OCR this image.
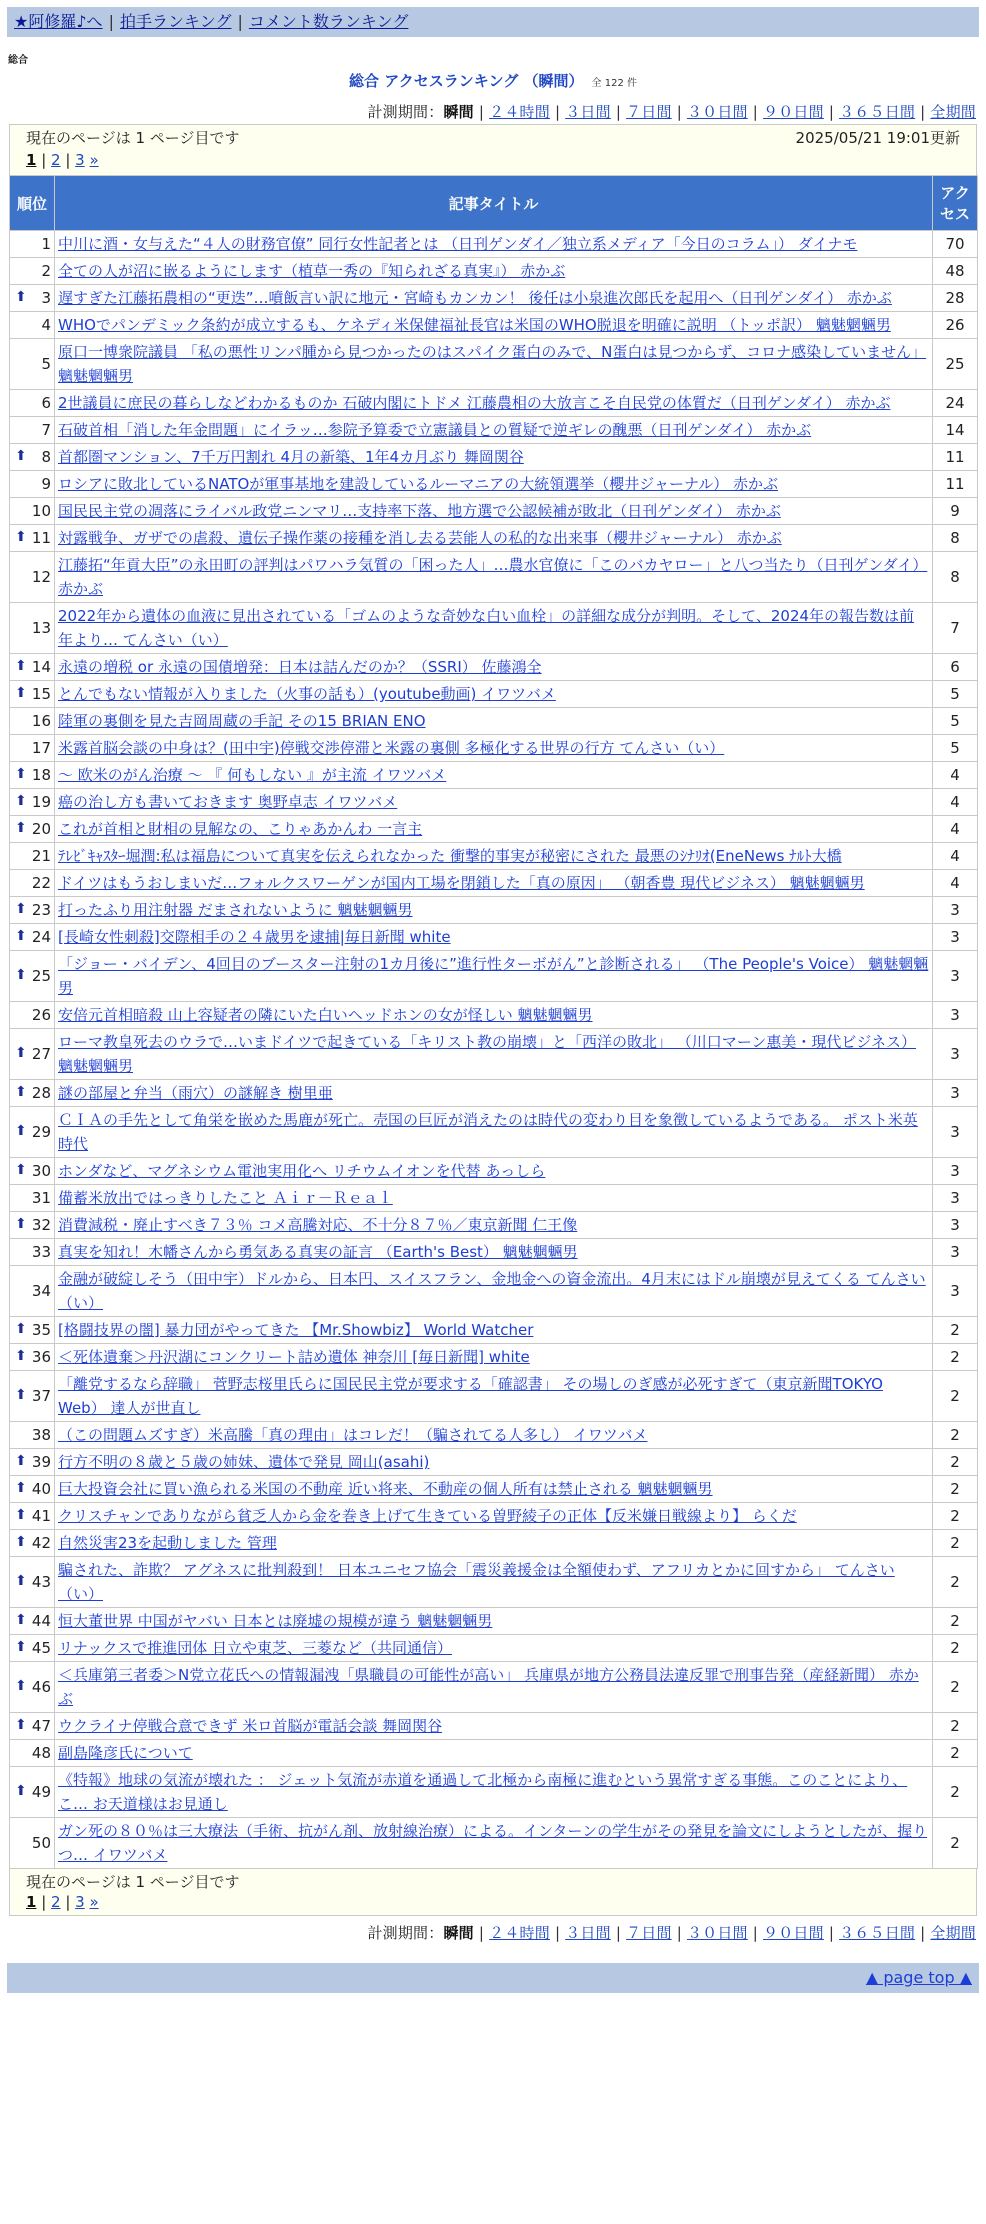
★阿修羅♪へ | 拍手ランキング | コメント数ランキング
総合
総合 アクセスランキング （瞬間） 全 122 件
計測期間：瞬間 | ２４時間 | ３日間 | ７日間 | ３０日間 | ９０日間 | ３６５日間 | 全期間
現在のページは 1 ページ目です	2025/05/21 19:01更新
1 | 2 | 3 »
順位	記事タイトル	アクセス
1	中川に酒・女与えた“４人の財務官僚” 同行女性記者とは （日刊ゲンダイ／独立系メディア「今日のコラム」） ダイナモ	70
2	全ての人が沼に嵌るようにします（植草一秀の『知られざる真実』） 赤かぶ	48

⬆ 3	遅すぎた江藤拓農相の“更迭”…噴飯言い訳に地元・宮崎もカンカン！ 後任は小泉進次郎氏を起用へ（日刊ゲンダイ） 赤かぶ	28
4	WHOでパンデミック条約が成立するも、ケネディ米保健福祉長官は米国のWHO脱退を明確に説明 （トッポ訳） 魑魅魍魎男	26
5	原口一博衆院議員 「私の悪性リンパ腫から見つかったのはスパイク蛋白のみで、N蛋白は見つからず、コロナ感染していません」 魑魅魍魎男	25
6	2世議員に庶民の暮らしなどわかるものか 石破内閣にトドメ 江藤農相の大放言こそ自民党の体質だ（日刊ゲンダイ） 赤かぶ	24
7	石破首相「消した年金問題」にイラッ…参院予算委で立憲議員との質疑で逆ギレの醜悪（日刊ゲンダイ） 赤かぶ	14

⬆ 8	首都圏マンション、7千万円割れ 4月の新築、1年4カ月ぶり 舞岡関谷	11
9	ロシアに敗北しているNATOが軍事基地を建設しているルーマニアの大統領選挙（櫻井ジャーナル） 赤かぶ	11
10	国民民主党の凋落にライバル政党ニンマリ…支持率下落、地方選で公認候補が敗北（日刊ゲンダイ） 赤かぶ	9

⬆ 11	対露戦争、ガザでの虐殺、遺伝子操作薬の接種を消し去る芸能人の私的な出来事（櫻井ジャーナル） 赤かぶ	8
12	江藤拓“年貢大臣”の永田町の評判はパワハラ気質の「困った人」…農水官僚に「このバカヤロー」と八つ当たり（日刊ゲンダイ） 赤かぶ	8
13	2022年から遺体の血液に見出されている「ゴムのような奇妙な白い血栓」の詳細な成分が判明。そして、2024年の報告数は前年より… てんさい（い）	7

⬆ 14	永遠の増税 or 永遠の国債増発：日本は詰んだのか？（SSRI） 佐藤鴻全	6

⬆ 15	とんでもない情報が入りました（火事の話も）(youtube動画) イワツバメ	5
16	陸軍の裏側を見た吉岡周蔵の手記 その15 BRIAN ENO	5
17	米露首脳会談の中身は？(田中宇)停戦交渉停滞と米露の裏側 多極化する世界の行方 てんさい（い）	5

⬆ 18	～ 欧米のがん治療 ～ 『 何もしない 』が主流 イワツバメ	4

⬆ 19	癌の治し方も書いておきます 奥野卓志 イワツバメ	4

⬆ 20	これが首相と財相の見解なの、こりゃあかんわ 一言主	4
21	ﾃﾚﾋﾞｷｬｽﾀｰ堀潤:私は福島について真実を伝えられなかった 衝撃的事実が秘密にされた 最悪のｼﾅﾘｵ(EneNews ﾅﾙﾄ大橋	4
22	ドイツはもうおしまいだ…フォルクスワーゲンが国内工場を閉鎖した「真の原因」 （朝香豊 現代ビジネス） 魑魅魍魎男	4

⬆ 23	打ったふり用注射器 だまされないように 魑魅魍魎男	3

⬆ 24	[長崎女性刺殺]交際相手の２４歳男を逮捕|毎日新聞 white	3

⬆ 25	「ジョー・バイデン、4回目のブースター注射の1カ月後に”進行性ターボがん”と診断される」 （The People's Voice） 魑魅魍魎男	3
26	安倍元首相暗殺 山上容疑者の隣にいた白いヘッドホンの女が怪しい 魑魅魍魎男	3

⬆ 27	ローマ教皇死去のウラで…いまドイツで起きている「キリスト教の崩壊」と「西洋の敗北」 （川口マーン惠美・現代ビジネス） 魑魅魍魎男	3

⬆ 28	謎の部屋と弁当（雨穴）の謎解き 樹里亜	3

⬆ 29	ＣＩＡの手先として角栄を嵌めた馬鹿が死亡。売国の巨匠が消えたのは時代の変わり目を象徴しているようである。 ポスト米英時代	3

⬆ 30	ホンダなど、マグネシウム電池実用化へ リチウムイオンを代替 あっしら	3
31	備蓄米放出ではっきりしたこと Ａｉｒ－Ｒｅａｌ	3

⬆ 32	消費減税・廃止すべき７３％ コメ高騰対応、不十分８７％／東京新聞 仁王像	3
33	真実を知れ！木幡さんから勇気ある真実の証言 （Earth's Best） 魑魅魍魎男	3
34	金融が破綻しそう（田中宇）ドルから、日本円、スイスフラン、金地金への資金流出。4月末にはドル崩壊が見えてくる てんさい（い）	3

⬆ 35	[格闘技界の闇] 暴力団がやってきた 【Mr.Showbiz】 World Watcher	2

⬆ 36	＜死体遺棄＞丹沢湖にコンクリート詰め遺体 神奈川 [毎日新聞] white	2

⬆ 37	「離党するなら辞職」 菅野志桜里氏らに国民民主党が要求する「確認書」 その場しのぎ感が必死すぎて（東京新聞TOKYO Web） 達人が世直し	2
38	（この問題ムズすぎ）米高騰「真の理由」はコレだ！（騙されてる人多し） イワツバメ	2

⬆ 39	行方不明の８歳と５歳の姉妹、遺体で発見 岡山(asahi)	2

⬆ 40	巨大投資会社に買い漁られる米国の不動産 近い将来、不動産の個人所有は禁止される 魑魅魍魎男	2

⬆ 41	クリスチャンでありながら貧乏人から金を巻き上げて生きている曽野綾子の正体【反米嫌日戦線より】 らくだ	2

⬆ 42	自然災害23を起動しました 管理	2

⬆ 43	騙された、詐欺？ アグネスに批判殺到！ 日本ユニセフ協会「震災義援金は全額使わず、アフリカとかに回すから」 てんさい（い）	2

⬆ 44	恒大董世界 中国がヤバい 日本とは廃墟の規模が違う 魑魅魍魎男	2

⬆ 45	リナックスで推進団体 日立や東芝、三菱など（共同通信）	2

⬆ 46	＜兵庫第三者委＞N党立花氏への情報漏洩「県職員の可能性が高い」 兵庫県が地方公務員法違反罪で刑事告発（産経新聞） 赤かぶ	2

⬆ 47	ウクライナ停戦合意できず 米ロ首脳が電話会談 舞岡関谷	2
48	副島隆彦氏について	2

⬆ 49	《特報》地球の気流が壊れた ： ジェット気流が赤道を通過して北極から南極に進むという異常すぎる事態。このことにより、こ… お天道様はお見通し	2
50	ガン死の８０％は三大療法（手術、抗がん剤、放射線治療）による。インターンの学生がその発見を論文にしようとしたが、握りつ… イワツバメ	2
現在のページは 1 ページ目です
1 | 2 | 3 »
計測期間：瞬間 | ２４時間 | ３日間 | ７日間 | ３０日間 | ９０日間 | ３６５日間 | 全期間
▲ page top ▲
